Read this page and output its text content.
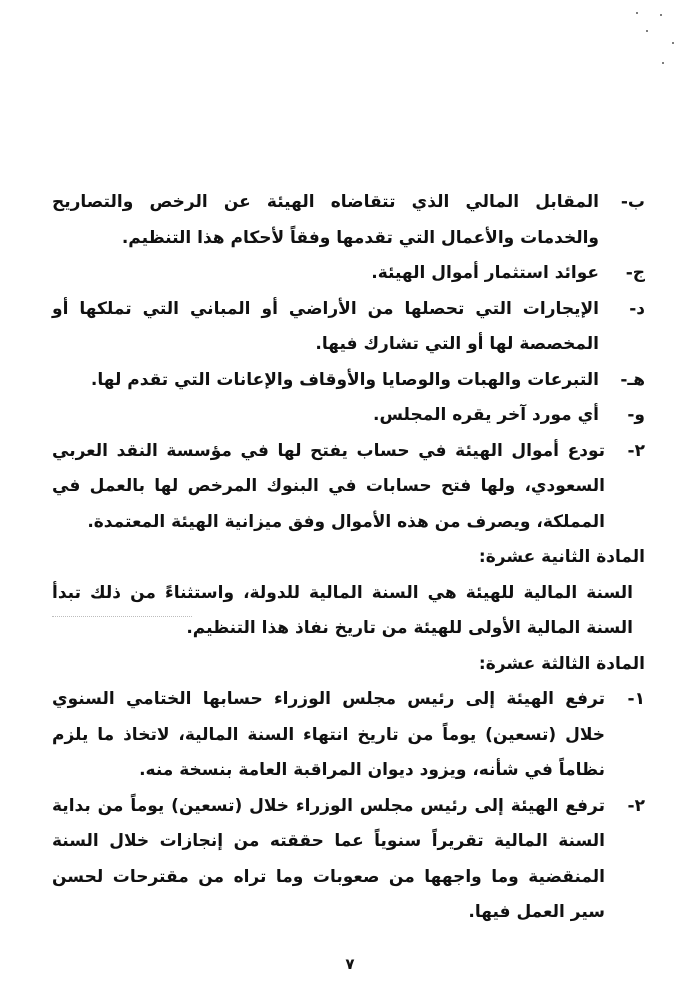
ب-
المقابل المالي الذي تتقاضاه الهيئة عن الرخص والتصاريح والخدمات والأعمال التي تقدمها وفقاً لأحكام هذا التنظيم.
ج-
عوائد استثمار أموال الهيئة.
د-
الإيجارات التي تحصلها من الأراضي أو المباني التي تملكها أو المخصصة لها أو التي تشارك فيها.
هـ-
التبرعات والهبات والوصايا والأوقاف والإعانات التي تقدم لها.
و-
أي مورد آخر يقره المجلس.
٢-
تودع أموال الهيئة في حساب يفتح لها في مؤسسة النقد العربي السعودي، ولها فتح حسابات في البنوك المرخص لها بالعمل في المملكة، ويصرف من هذه الأموال وفق ميزانية الهيئة المعتمدة.
المادة الثانية عشرة:
السنة المالية للهيئة هي السنة المالية للدولة، واستثناءً من ذلك تبدأ السنة المالية الأولى للهيئة من تاريخ نفاذ هذا التنظيم.
المادة الثالثة عشرة:
١-
ترفع الهيئة إلى رئيس مجلس الوزراء حسابها الختامي السنوي خلال (تسعين) يوماً من تاريخ انتهاء السنة المالية، لاتخاذ ما يلزم نظاماً في شأنه، ويزود ديوان المراقبة العامة بنسخة منه.
٢-
ترفع الهيئة إلى رئيس مجلس الوزراء خلال (تسعين) يوماً من بداية السنة المالية تقريراً سنوياً عما حققته من إنجازات خلال السنة المنقضية وما واجهها من صعوبات وما تراه من مقترحات لحسن سير العمل فيها.
٧
